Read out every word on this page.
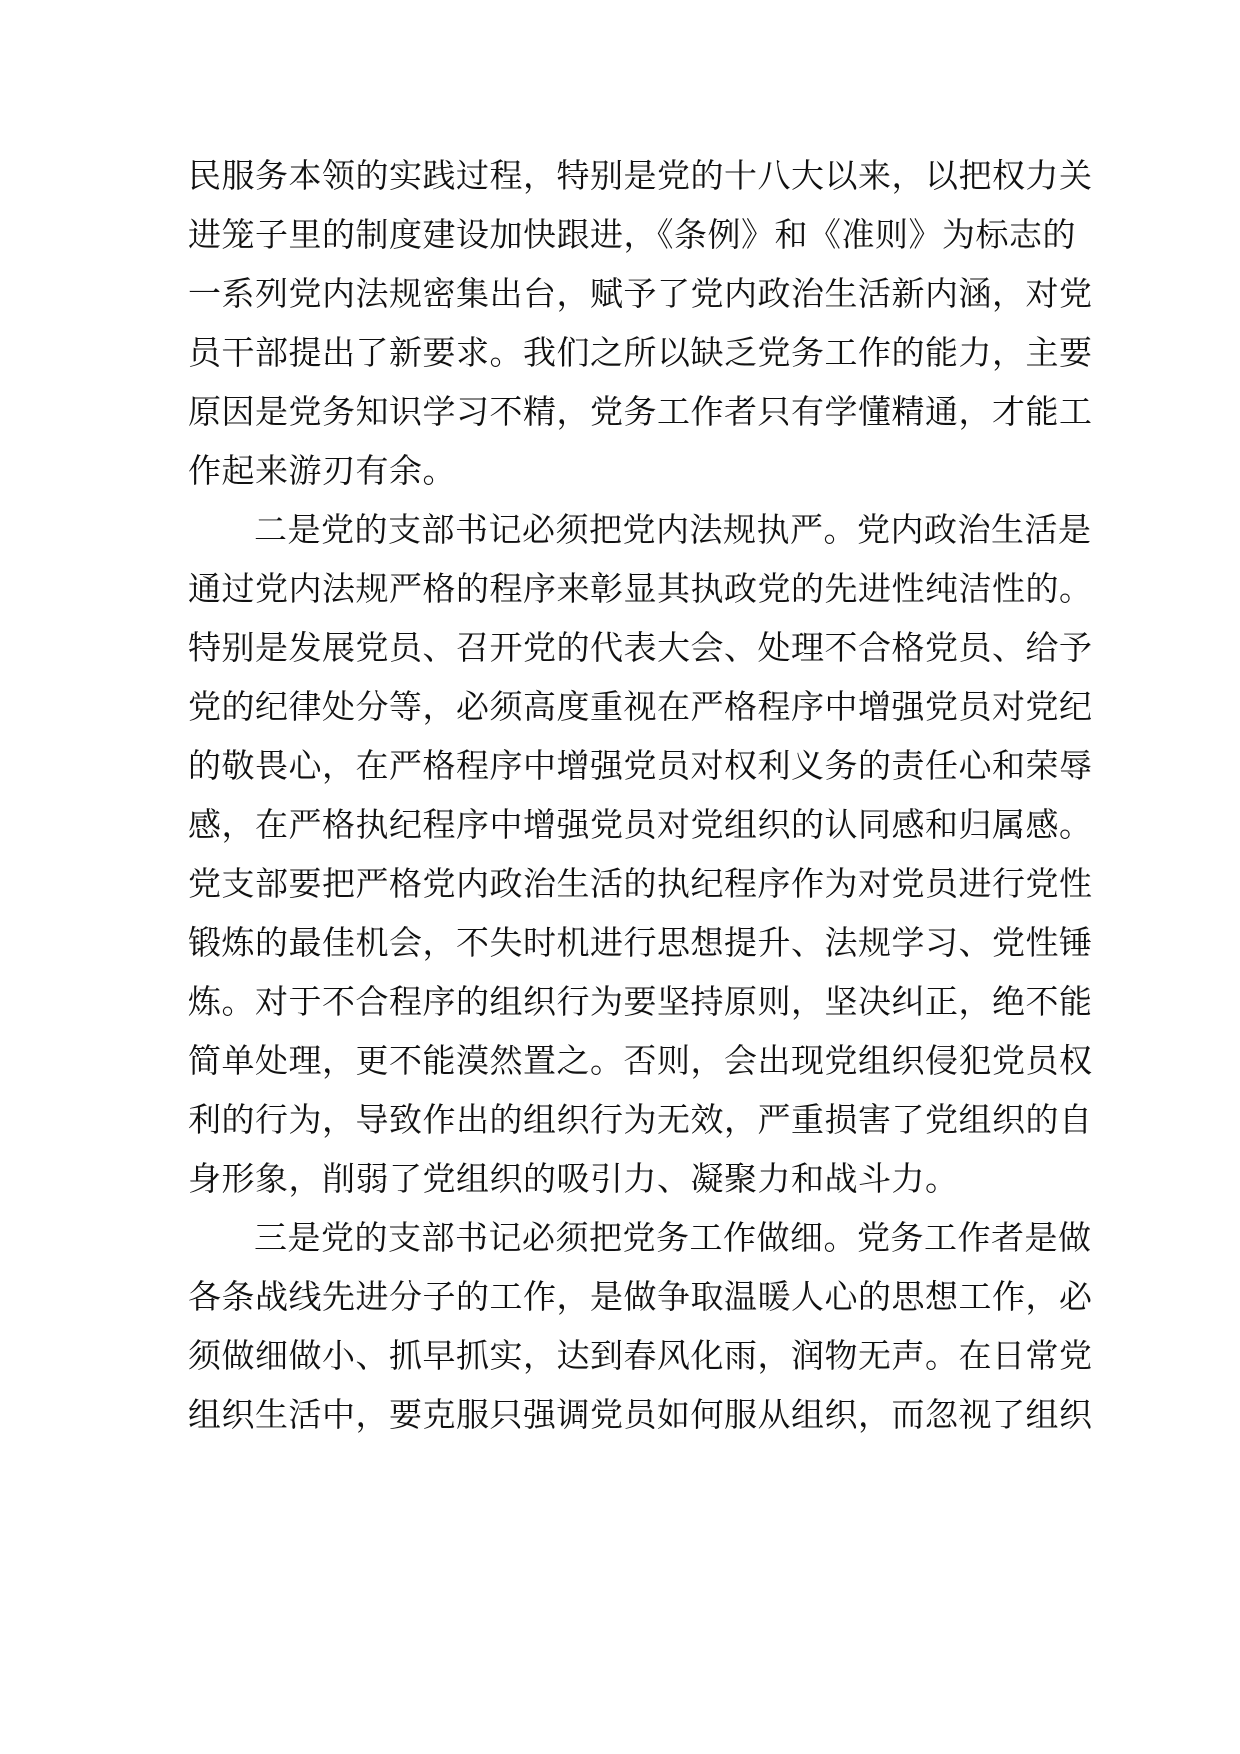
民服务本领的实践过程，特别是党的十八大以来，以把权力关
进笼子里的制度建设加快跟进，《条例》和《准则》为标志的
一系列党内法规密集出台，赋予了党内政治生活新内涵，对党
员干部提出了新要求。我们之所以缺乏党务工作的能力，主要
原因是党务知识学习不精，党务工作者只有学懂精通，才能工
作起来游刃有余。
二是党的支部书记必须把党内法规执严。党内政治生活是
通过党内法规严格的程序来彰显其执政党的先进性纯洁性的。
特别是发展党员、召开党的代表大会、处理不合格党员、给予
党的纪律处分等，必须高度重视在严格程序中增强党员对党纪
的敬畏心，在严格程序中增强党员对权利义务的责任心和荣辱
感，在严格执纪程序中增强党员对党组织的认同感和归属感。
党支部要把严格党内政治生活的执纪程序作为对党员进行党性
锻炼的最佳机会，不失时机进行思想提升、法规学习、党性锤
炼。对于不合程序的组织行为要坚持原则，坚决纠正，绝不能
简单处理，更不能漠然置之。否则，会出现党组织侵犯党员权
利的行为，导致作出的组织行为无效，严重损害了党组织的自
身形象，削弱了党组织的吸引力、凝聚力和战斗力。
三是党的支部书记必须把党务工作做细。党务工作者是做
各条战线先进分子的工作，是做争取温暖人心的思想工作，必
须做细做小、抓早抓实，达到春风化雨，润物无声。在日常党
组织生活中，要克服只强调党员如何服从组织，而忽视了组织
